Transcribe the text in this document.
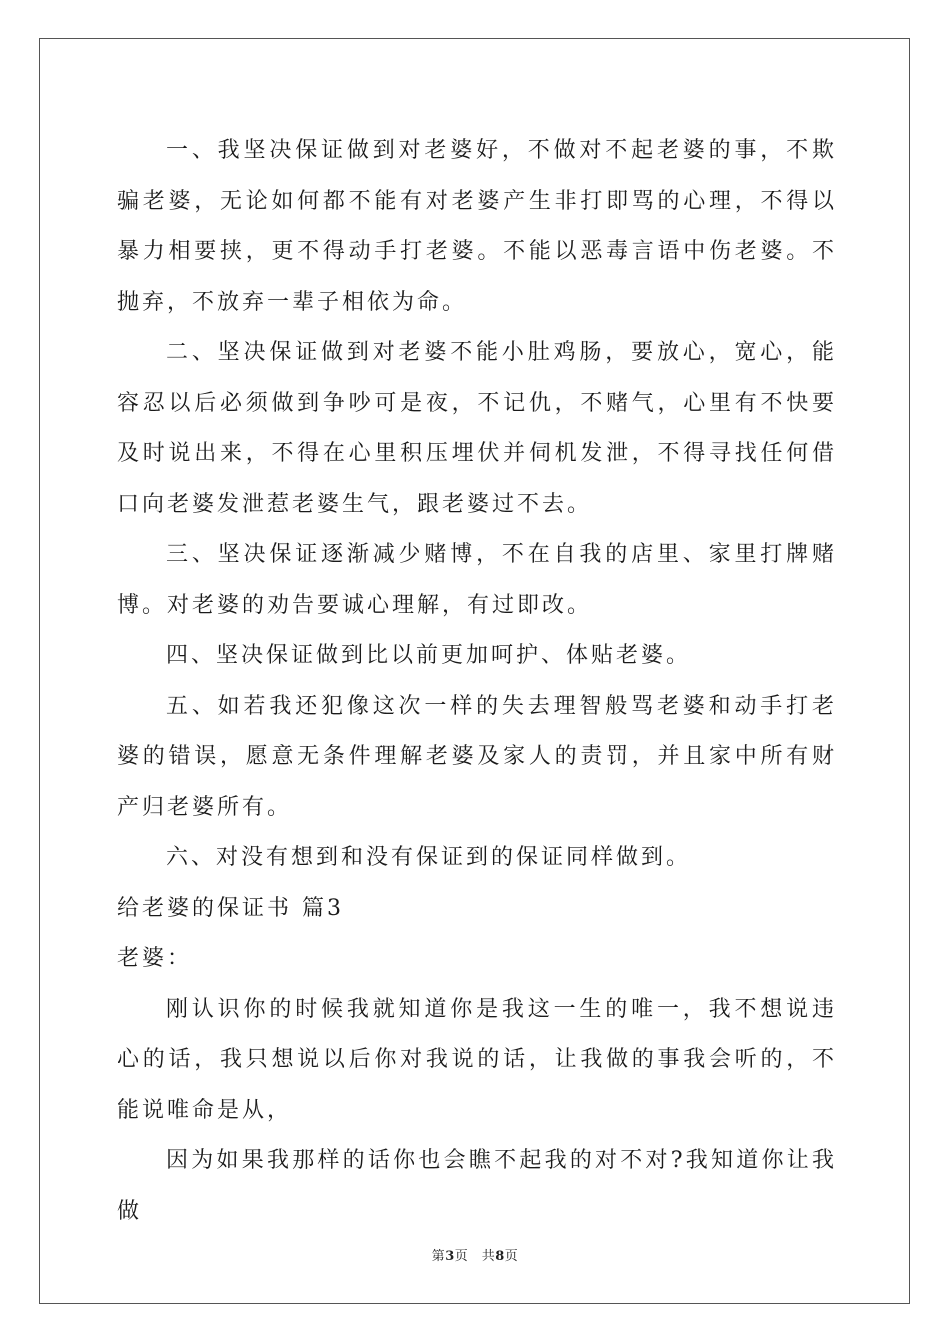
一、我坚决保证做到对老婆好，不做对不起老婆的事，不欺骗老婆，无论如何都不能有对老婆产生非打即骂的心理，不得以暴力相要挟，更不得动手打老婆。不能以恶毒言语中伤老婆。不抛弃，不放弃一辈子相依为命。

二、坚决保证做到对老婆不能小肚鸡肠，要放心，宽心，能容忍以后必须做到争吵可是夜，不记仇，不赌气，心里有不快要及时说出来，不得在心里积压埋伏并伺机发泄，不得寻找任何借口向老婆发泄惹老婆生气，跟老婆过不去。

三、坚决保证逐渐减少赌博，不在自我的店里、家里打牌赌博。对老婆的劝告要诚心理解，有过即改。

四、坚决保证做到比以前更加呵护、体贴老婆。

五、如若我还犯像这次一样的失去理智般骂老婆和动手打老婆的错误，愿意无条件理解老婆及家人的责罚，并且家中所有财产归老婆所有。

六、对没有想到和没有保证到的保证同样做到。

给老婆的保证书 篇3

老婆：

刚认识你的时候我就知道你是我这一生的唯一，我不想说违心的话，我只想说以后你对我说的话，让我做的事我会听的，不能说唯命是从，

因为如果我那样的话你也会瞧不起我的对不对?我知道你让我做

第3页　共8页
